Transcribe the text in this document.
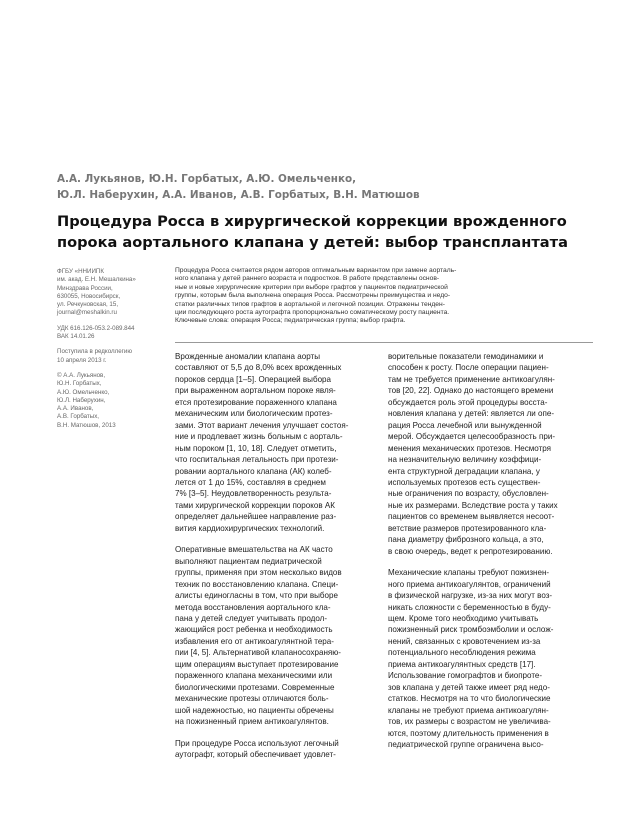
А.А. Лукьянов, Ю.Н. Горбатых, А.Ю. Омельченко,
Ю.Л. Наберухин, А.А. Иванов, А.В. Горбатых, В.Н. Матюшов
Процедура Росса в хирургической коррекции врожденного
порока аортального клапана у детей: выбор трансплантата

ФГБУ «ННИИПК
им. акад. Е.Н. Мешалкина»
Минздрава России,
630055, Новосибирск,
ул. Речкуновская, 15,
journal@meshalkin.ru

УДК 616.126-053.2-089.844
ВАК 14.01.26

Поступила в редколлегию
10 апреля 2013 г.

© А.А. Лукьянов,
Ю.Н. Горбатых,
А.Ю. Омельченко,
Ю.Л. Наберухин,
А.А. Иванов,
А.В. Горбатых,
В.Н. Матюшов, 2013

Процедура Росса считается рядом авторов оптимальным вариантом при замене аорталь-
ного клапана у детей раннего возраста и подростков. В работе представлены основ-
ные и новые хирургические критерии при выборе графтов у пациентов педиатрической
группы, которым была выполнена операция Росса. Рассмотрены преимущества и недо-
статки различных типов графтов в аортальной и легочной позиции. Отражены тенден-
ции последующего роста аутографта пропорционально соматическому росту пациента.
Ключевые слова: операция Росса; педиатрическая группа; выбор графта.

Врожденные аномалии клапана аорты
составляют от 5,5 до 8,0% всех врожденных
пороков сердца [1–5]. Операцией выбора
при выраженном аортальном пороке явля-
ется протезирование пораженного клапана
механическим или биологическим протез-
зами. Этот вариант лечения улучшает состоя-
ние и продлевает жизнь больным с аорталь-
ным пороком [1, 10, 18]. Следует отметить,
что госпитальная летальность при протези-
ровании аортального клапана (АК) колеб-
лется от 1 до 15%, составляя в среднем
7% [3–5]. Неудовлетворенность результа-
тами хирургической коррекции пороков АК
определяет дальнейшее направление раз-
вития кардиохирургических технологий.

Оперативные вмешательства на АК часто
выполняют пациентам педиатрической
группы, применяя при этом несколько видов
техник по восстановлению клапана. Специ-
алисты единогласны в том, что при выборе
метода восстановления аортального кла-
пана у детей следует учитывать продол-
жающийся рост ребенка и необходимость
избавления его от антикоагулянтной тера-
пии [4, 5]. Альтернативой клапаносохраняю-
щим операциям выступает протезирование
пораженного клапана механическими или
биологическими протезами. Современные
механические протезы отличаются боль-
шой надежностью, но пациенты обречены
на пожизненный прием антикоагулянтов.

При процедуре Росса используют легочный
аутографт, который обеспечивает удовлет-

ворительные показатели гемодинамики и
способен к росту. После операции пациен-
там не требуется применение антикоагулян-
тов [20, 22]. Однако до настоящего времени
обсуждается роль этой процедуры восста-
новления клапана у детей: является ли опе-
рация Росса лечебной или вынужденной
мерой. Обсуждается целесообразность при-
менения механических протезов. Несмотря
на незначительную величину коэффици-
ента структурной деградации клапана, у
используемых протезов есть существен-
ные ограничения по возрасту, обусловлен-
ные их размерами. Вследствие роста у таких
пациентов со временем выявляется несоот-
ветствие размеров протезированного кла-
пана диаметру фиброзного кольца, а это,
в свою очередь, ведет к репротезированию.

Механические клапаны требуют пожизнен-
ного приема антикоагулянтов, ограничений
в физической нагрузке, из-за них могут воз-
никать сложности с беременностью в буду-
щем. Кроме того необходимо учитывать
пожизненный риск тромбоэмболии и ослож-
нений, связанных с кровотечением из-за
потенциального несоблюдения режима
приема антикоагулянтных средств [17].
Использование гомографтов и биопроте-
зов клапана у детей также имеет ряд недо-
статков. Несмотря на то что биологические
клапаны не требуют приема антикоагулян-
тов, их размеры с возрастом не увеличива-
ются, поэтому длительность применения в
педиатрической группе ограничена высо-
